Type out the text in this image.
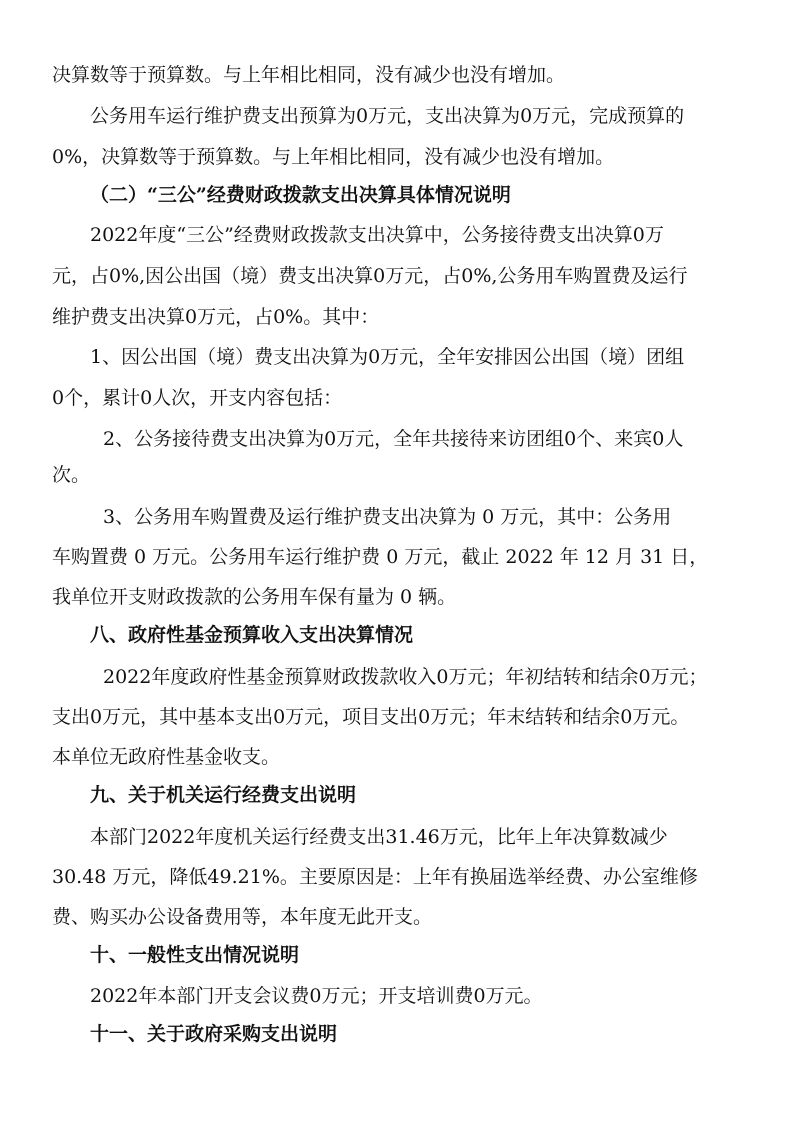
决算数等于预算数。与上年相比相同，没有减少也没有增加。
公务用车运行维护费支出预算为0万元，支出决算为0万元，完成预算的
0%，决算数等于预算数。与上年相比相同，没有减少也没有增加。
（二）“三公”经费财政拨款支出决算具体情况说明
2022年度“三公”经费财政拨款支出决算中，公务接待费支出决算0万
元，占0%,因公出国（境）费支出决算0万元，占0%,公务用车购置费及运行
维护费支出决算0万元，占0%。其中：
1、因公出国（境）费支出决算为0万元，全年安排因公出国（境）团组
0个，累计0人次，开支内容包括：
2、公务接待费支出决算为0万元，全年共接待来访团组0个、来宾0人
次。
3、公务用车购置费及运行维护费支出决算为 0 万元，其中：公务用
车购置费 0 万元。公务用车运行维护费 0 万元，截止 2022 年 12 月 31 日，
我单位开支财政拨款的公务用车保有量为 0 辆。
八、政府性基金预算收入支出决算情况
2022年度政府性基金预算财政拨款收入0万元；年初结转和结余0万元；
支出0万元，其中基本支出0万元，项目支出0万元；年末结转和结余0万元。
本单位无政府性基金收支。
九、关于机关运行经费支出说明
本部门2022年度机关运行经费支出31.46万元，比年上年决算数减少
30.48 万元，降低49.21%。主要原因是：上年有换届选举经费、办公室维修
费、购买办公设备费用等，本年度无此开支。
十、一般性支出情况说明
2022年本部门开支会议费0万元；开支培训费0万元。
十一、关于政府采购支出说明
